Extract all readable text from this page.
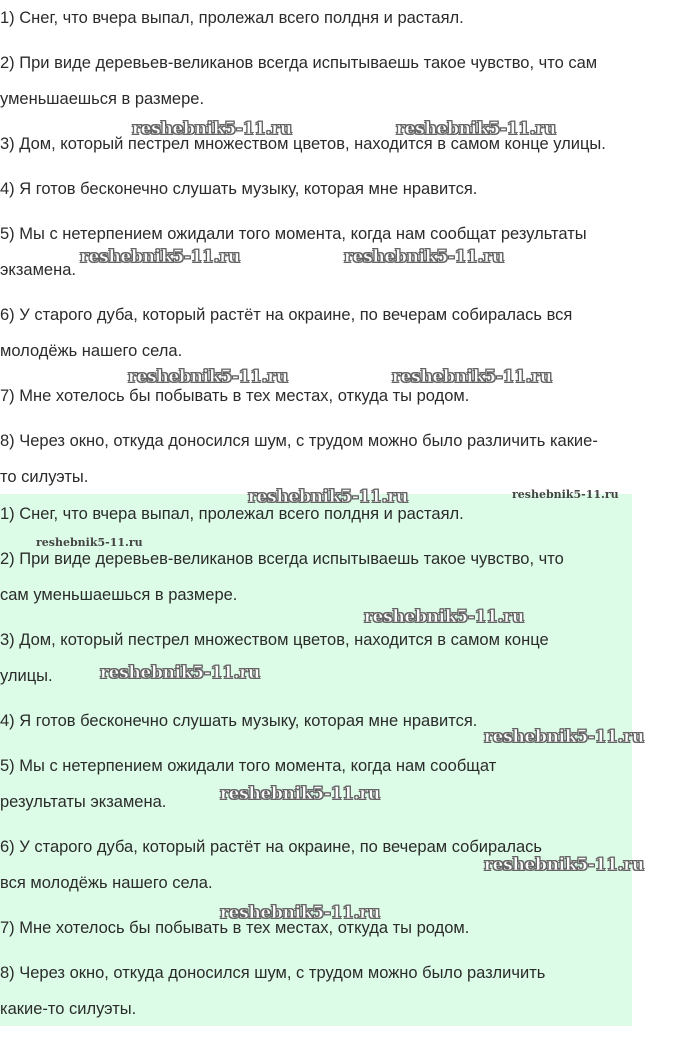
1) Снег, что вчера выпал, пролежал всего полдня и растаял.
2) При виде деревьев-великанов всегда испытываешь такое чувство, что сам
уменьшаешься в размере.
3) Дом, который пестрел множеством цветов, находится в самом конце улицы.
4) Я готов бесконечно слушать музыку, которая мне нравится.
5) Мы с нетерпением ожидали того момента, когда нам сообщат результаты
экзамена.
6) У старого дуба, который растёт на окраине, по вечерам собиралась вся
молодёжь нашего села.
7) Мне хотелось бы побывать в тех местах, откуда ты родом.
8) Через окно, откуда доносился шум, с трудом можно было различить какие-
то силуэты.
1) Снег, что вчера выпал, пролежал всего полдня и растаял.
2) При виде деревьев-великанов всегда испытываешь такое чувство, что
сам уменьшаешься в размере.
3) Дом, который пестрел множеством цветов, находится в самом конце
улицы.
4) Я готов бесконечно слушать музыку, которая мне нравится.
5) Мы с нетерпением ожидали того момента, когда нам сообщат
результаты экзамена.
6) У старого дуба, который растёт на окраине, по вечерам собиралась
вся молодёжь нашего села.
7) Мне хотелось бы побывать в тех местах, откуда ты родом.
8) Через окно, откуда доносился шум, с трудом можно было различить
какие-то силуэты.
reshebnik5-11.ru	reshebnik5-11.ru
reshebnik5-11.ru	reshebnik5-11.ru
reshebnik5-11.ru	reshebnik5-11.ru
reshebnik5-11.ru	reshebnik5-11.ru
reshebnik5-11.ru
reshebnik5-11.ru
reshebnik5-11.ru
reshebnik5-11.ru
reshebnik5-11.ru
reshebnik5-11.ru
reshebnik5-11.ru
